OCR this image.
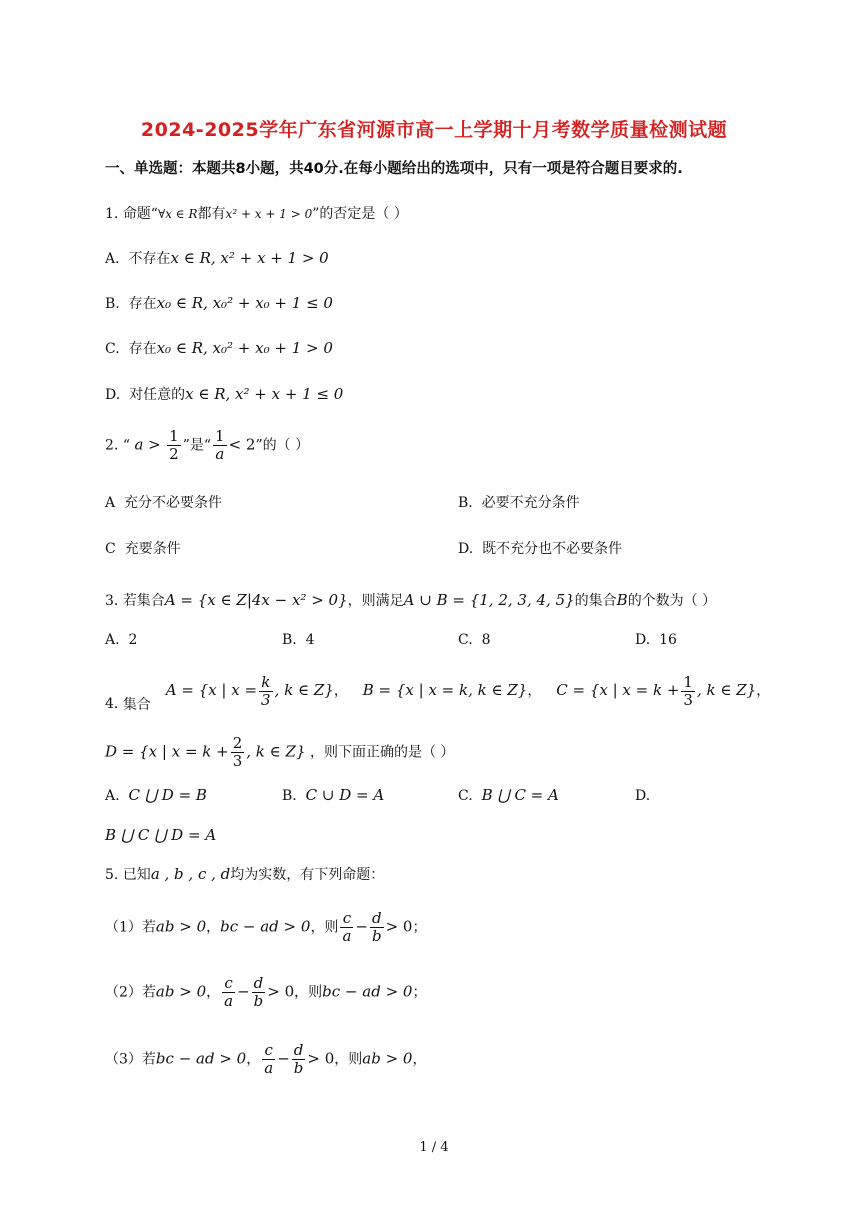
2024-2025学年广东省河源市高一上学期十月考数学质量检测试题
一、单选题：本题共8小题，共40分.在每小题给出的选项中，只有一项是符合题目要求的.
1. 命题“∀x ∈ R都有x² + x + 1 > 0”的否定是（ ）
A. 不存在x ∈ R, x² + x + 1 > 0
B. 存在x₀ ∈ R, x₀² + x₀ + 1 ≤ 0
C. 存在x₀ ∈ R, x₀² + x₀ + 1 > 0
D. 对任意的x ∈ R, x² + x + 1 ≤ 0
2. “ $a > \frac{1}{2}$ ”是“ $\frac{1}{a} < 2$”的（ ）
A 充分不必要条件	B. 必要不充分条件
C 充要条件	D. 既不充分也不必要条件
3. 若集合A = {x ∈ Z|4x − x² > 0}，则满足A ∪ B = {1, 2, 3, 4, 5}的集合B的个数为（ ）
A. 2	B. 4	C. 8	D. 16
4. 集合  A = {x | $x = \frac{k}{3}$ , k ∈ Z}， B = {x | x = k, k ∈ Z}， C = {x | $x = k + \frac{1}{3}$ , k ∈ Z}，
D = {x | $x = k + \frac{2}{3}$ , k ∈ Z} ，则下面正确的是（ ）
A. C ⋃ D = B	B. C ∪ D = A	C. B ⋃ C = A	D.
B ⋃ C ⋃ D = A
5. 已知a , b , c , d均为实数，有下列命题：
（1）若ab > 0，bc − ad > 0，则 $\frac{c}{a} - \frac{d}{b} > 0$；
（2）若ab > 0， $\frac{c}{a} - \frac{d}{b} > 0$，则bc − ad > 0；
（3）若bc − ad > 0， $\frac{c}{a} - \frac{d}{b} > 0$，则ab > 0，
1 / 4
